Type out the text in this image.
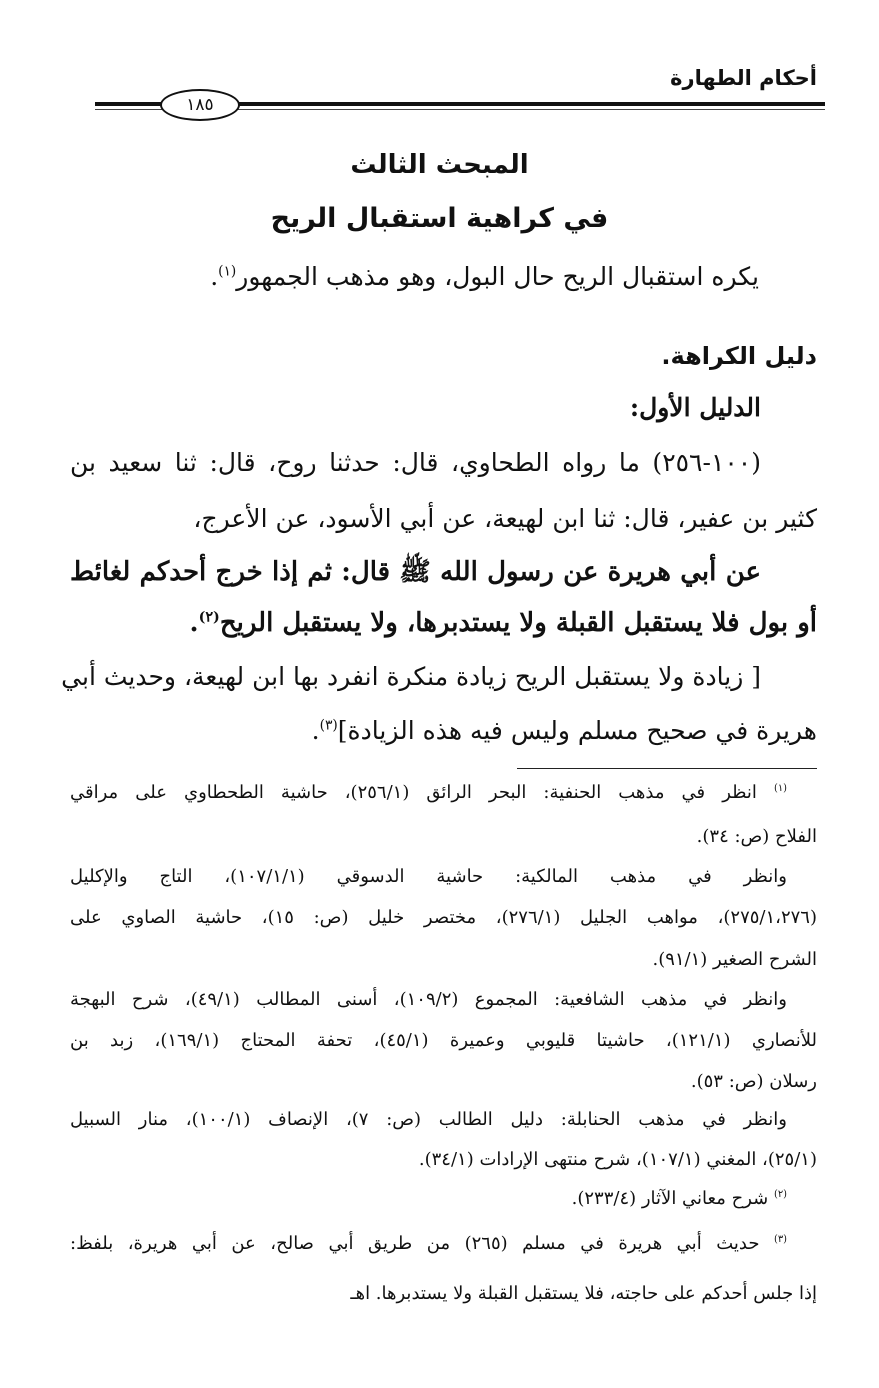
أحكام الطهارة
١٨٥
المبحث الثالث
في كراهية استقبال الريح
يكره استقبال الريح حال البول، وهو مذهب الجمهور$^{(١)}$.
دليل الكراهة.
الدليل الأول:
(١٠٠-٢٥٦) ما رواه الطحاوي، قال: حدثنا روح، قال: ثنا سعيد بن
كثير بن عفير، قال: ثنا ابن لهيعة، عن أبي الأسود، عن الأعرج،
عن أبي هريرة عن رسول الله ﷺ قال: ثم إذا خرج أحدكم لغائط
أو بول فلا يستقبل القبلة ولا يستدبرها، ولا يستقبل الريح$^{(٢)}$.
[ زيادة ولا يستقبل الريح زيادة منكرة انفرد بها ابن لهيعة، وحديث أبي
هريرة في صحيح مسلم وليس فيه هذه الزيادة]$^{(٣)}$.
$^{(١)}$ انظر في مذهب الحنفية: البحر الرائق (٢٥٦/١)، حاشية الطحطاوي على مراقي
الفلاح (ص: ٣٤).
وانظر في مذهب المالكية: حاشية الدسوقي (١٠٧/١/١)، التاج والإكليل
(٢٧٥/١،٢٧٦)، مواهب الجليل (٢٧٦/١)، مختصر خليل (ص: ١٥)، حاشية الصاوي على
الشرح الصغير (٩١/١).
وانظر في مذهب الشافعية: المجموع (١٠٩/٢)، أسنى المطالب (٤٩/١)، شرح البهجة
للأنصاري (١٢١/١)، حاشيتا قليوبي وعميرة (٤٥/١)، تحفة المحتاج (١٦٩/١)، زبد بن
رسلان (ص: ٥٣).
وانظر في مذهب الحنابلة: دليل الطالب (ص: ٧)، الإنصاف (١٠٠/١)، منار السبيل
(٢٥/١)، المغني (١٠٧/١)، شرح منتهى الإرادات (٣٤/١).
$^{(٢)}$ شرح معاني الآثار (٢٣٣/٤).
$^{(٣)}$ حديث أبي هريرة في مسلم (٢٦٥) من طريق أبي صالح، عن أبي هريرة، بلفظ:
إذا جلس أحدكم على حاجته، فلا يستقبل القبلة ولا يستدبرها. اهـ
